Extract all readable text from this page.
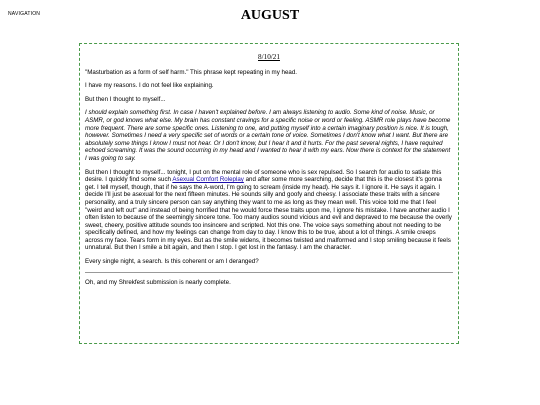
NAVIGATION	AUGUST
8/10/21

"Masturbation as a form of self harm." This phrase kept repeating in my head.

I have my reasons. I do not feel like explaining.

But then I thought to myself...

I should explain something first. In case I haven't explained before. I am always listening to audio. Some kind of noise. Music, or ASMR, or god knows what else. My brain has constant cravings for a specific noise or word or feeling. ASMR role plays have become more frequent. There are some specific ones. Listening to one, and putting myself into a certain imaginary position is nice. It is tough, however. Sometimes I need a very specific set of words or a certain tone of voice. Sometimes I don't know what I want. But there are absolutely some things I know I must not hear. Or I don't know, but I hear it and it hurts. For the past several nights, I have required echoed screaming. It was the sound occurring in my head and I wanted to hear it with my ears. Now there is context for the statement I was going to say.

But then I thought to myself... tonight, I put on the mental role of someone who is sex repulsed. So I search for audio to satiate this desire. I quickly find some such Asexual Comfort Roleplay and after some more searching, decide that this is the closest it's gonna get. I tell myself, though, that if he says the A-word, I'm going to scream (inside my head). He says it. I ignore it. He says it again. I decide I'll just be asexual for the next fifteen minutes. He sounds silly and goofy and cheesy. I associate these traits with a sincere personality, and a truly sincere person can say anything they want to me as long as they mean well. This voice told me that I feel "weird and left out" and instead of being horrified that he would force these traits upon me, I ignore his mistake. I have another audio I often listen to because of the seemingly sincere tone. Too many audios sound vicious and evil and depraved to me because the overly sweet, cheery, positive attitude sounds too insincere and scripted. Not this one. The voice says something about not needing to be specifically defined, and how my feelings can change from day to day. I know this to be true, about a lot of things. A smile creeps across my face. Tears form in my eyes. But as the smile widens, it becomes twisted and malformed and I stop smiling because it feels unnatural. But then I smile a bit again, and then I stop. I get lost in the fantasy. I am the character.

Every single night, a search. Is this coherent or am I deranged?

Oh, and my Shrekfest submission is nearly complete.
